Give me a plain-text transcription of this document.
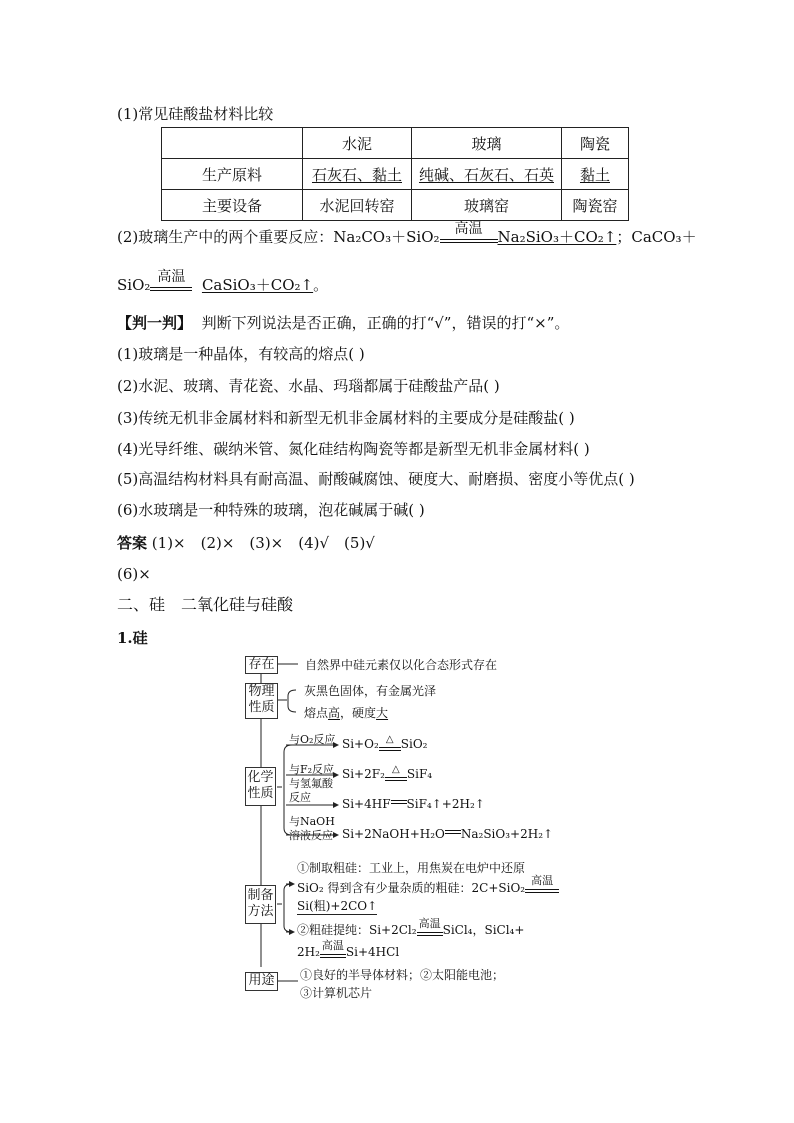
(1)常见硅酸盐材料比较
	水泥	玻璃	陶瓷
生产原料	石灰石、黏土	纯碱、石灰石、石英	黏土
主要设备	水泥回转窑	玻璃窑	陶瓷窑
(2)玻璃生产中的两个重要反应：Na₂CO₃＋SiO₂	高温	Na₂SiO₃＋CO₂↑；CaCO₃＋
SiO₂ 高温	CaSiO₃＋CO₂↑。
【判一判】 判断下列说法是否正确，正确的打“√”，错误的打“×”。
(1)玻璃是一种晶体，有较高的熔点( )
(2)水泥、玻璃、青花瓷、水晶、玛瑙都属于硅酸盐产品( )
(3)传统无机非金属材料和新型无机非金属材料的主要成分是硅酸盐( )
(4)光导纤维、碳纳米管、氮化硅结构陶瓷等都是新型无机非金属材料( )
(5)高温结构材料具有耐高温、耐酸碱腐蚀、硬度大、耐磨损、密度小等优点( )
(6)水玻璃是一种特殊的玻璃，泡花碱属于碱( )
答案 (1)×　(2)×　(3)×　(4)√　(5)√
(6)×
二、硅　二氧化硅与硅酸
1.硅
存在
物理性质
化学性质
制备方法
用途
自然界中硅元素仅以化合态形式存在
灰黑色固体，有金属光泽
熔点高，硬度大
与O₂反应 Si+O₂ △ SiO₂
与F₂反应 Si+2F₂ △ SiF₄
与氢氟酸反应	Si+4HF SiF₄↑+2H₂↑
与NaOH溶液反应 Si+2NaOH+H₂O Na₂SiO₃+2H₂↑
①制取粗硅：工业上，用焦炭在电炉中还原
SiO₂ 得到含有少量杂质的粗硅：2C+SiO₂
高温
Si(粗)+2CO↑
②粗硅提纯：Si+2Cl₂ 高温 SiCl₄，SiCl₄+
2H₂ 高温 Si+4HCl
①良好的半导体材料；②太阳能电池；
③计算机芯片
